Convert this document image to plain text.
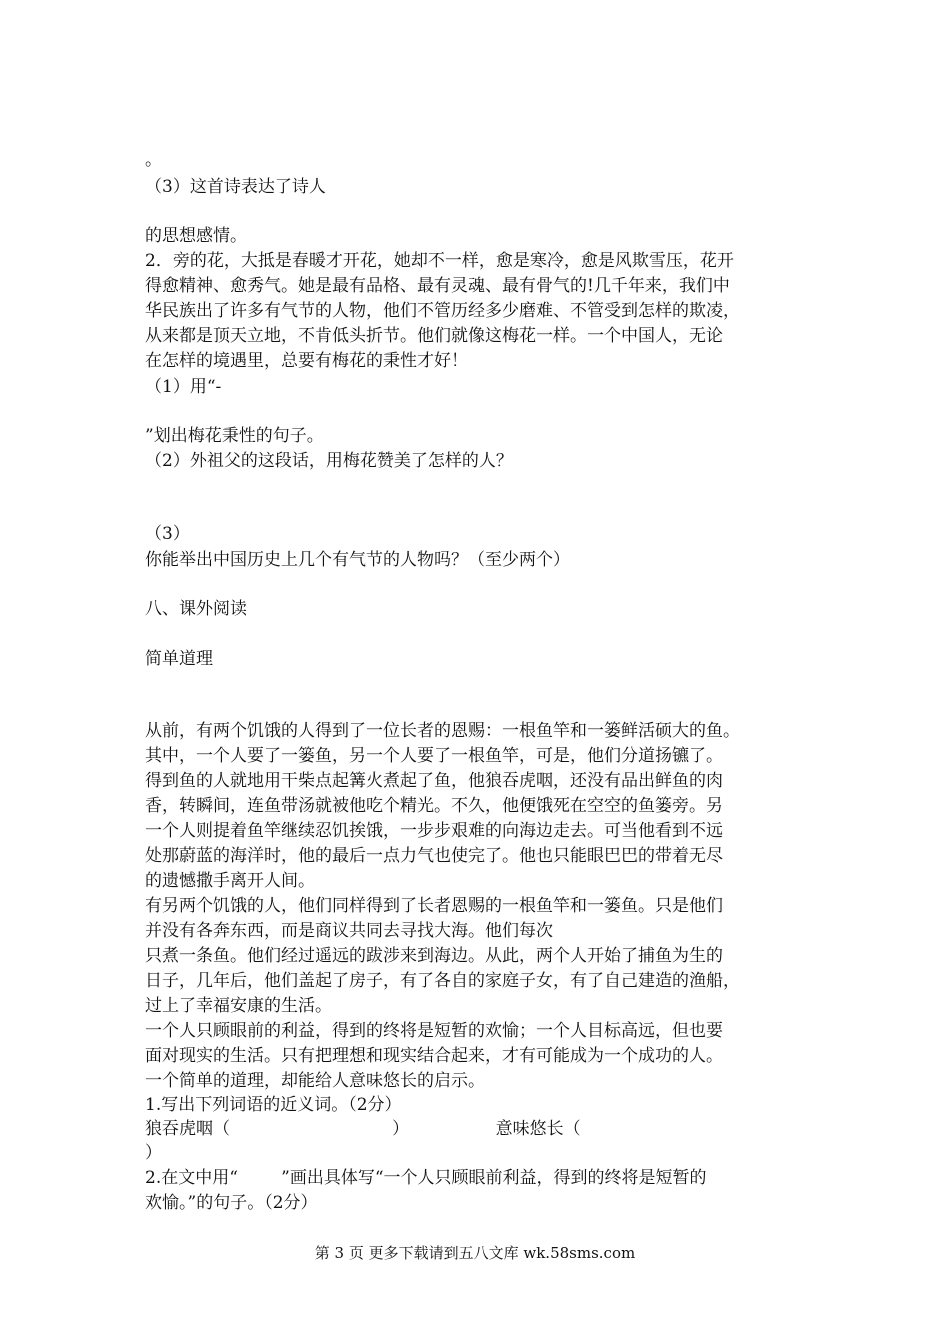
。
（3）这首诗表达了诗人
的思想感情。
2．旁的花，大抵是春暖才开花，她却不一样，愈是寒冷，愈是风欺雪压，花开
得愈精神、愈秀气。她是最有品格、最有灵魂、最有骨气的!几千年来，我们中
华民族出了许多有气节的人物，他们不管历经多少磨难、不管受到怎样的欺凌，
从来都是顶天立地，不肯低头折节。他们就像这梅花一样。一个中国人，无论
在怎样的境遇里，总要有梅花的秉性才好！
（1）用“-
”划出梅花秉性的句子。
（2）外祖父的这段话，用梅花赞美了怎样的人？
（3）
你能举出中国历史上几个有气节的人物吗？（至少两个）
八、课外阅读
简单道理
从前，有两个饥饿的人得到了一位长者的恩赐：一根鱼竿和一篓鲜活硕大的鱼。
其中，一个人要了一篓鱼，另一个人要了一根鱼竿，可是，他们分道扬镳了。
得到鱼的人就地用干柴点起篝火煮起了鱼，他狼吞虎咽，还没有品出鲜鱼的肉
香，转瞬间，连鱼带汤就被他吃个精光。不久，他便饿死在空空的鱼篓旁。另
一个人则提着鱼竿继续忍饥挨饿，一步步艰难的向海边走去。可当他看到不远
处那蔚蓝的海洋时，他的最后一点力气也使完了。他也只能眼巴巴的带着无尽
的遗憾撒手离开人间。
有另两个饥饿的人，他们同样得到了长者恩赐的一根鱼竿和一篓鱼。只是他们
并没有各奔东西，而是商议共同去寻找大海。他们每次
只煮一条鱼。他们经过遥远的跋涉来到海边。从此，两个人开始了捕鱼为生的
日子，几年后，他们盖起了房子，有了各自的家庭子女，有了自己建造的渔船，
过上了幸福安康的生活。
一个人只顾眼前的利益，得到的终将是短暂的欢愉；一个人目标高远，但也要
面对现实的生活。只有把理想和现实结合起来，才有可能成为一个成功的人。
一个简单的道理，却能给人意味悠长的启示。
1.写出下列词语的近义词。（2分）
狼吞虎咽（                              ）                意味悠长（
）
2.在文中用“        ”画出具体写“一个人只顾眼前利益，得到的终将是短暂的
欢愉。”的句子。（2分）
第 3 页 更多下载请到五八文库 wk.58sms.com
